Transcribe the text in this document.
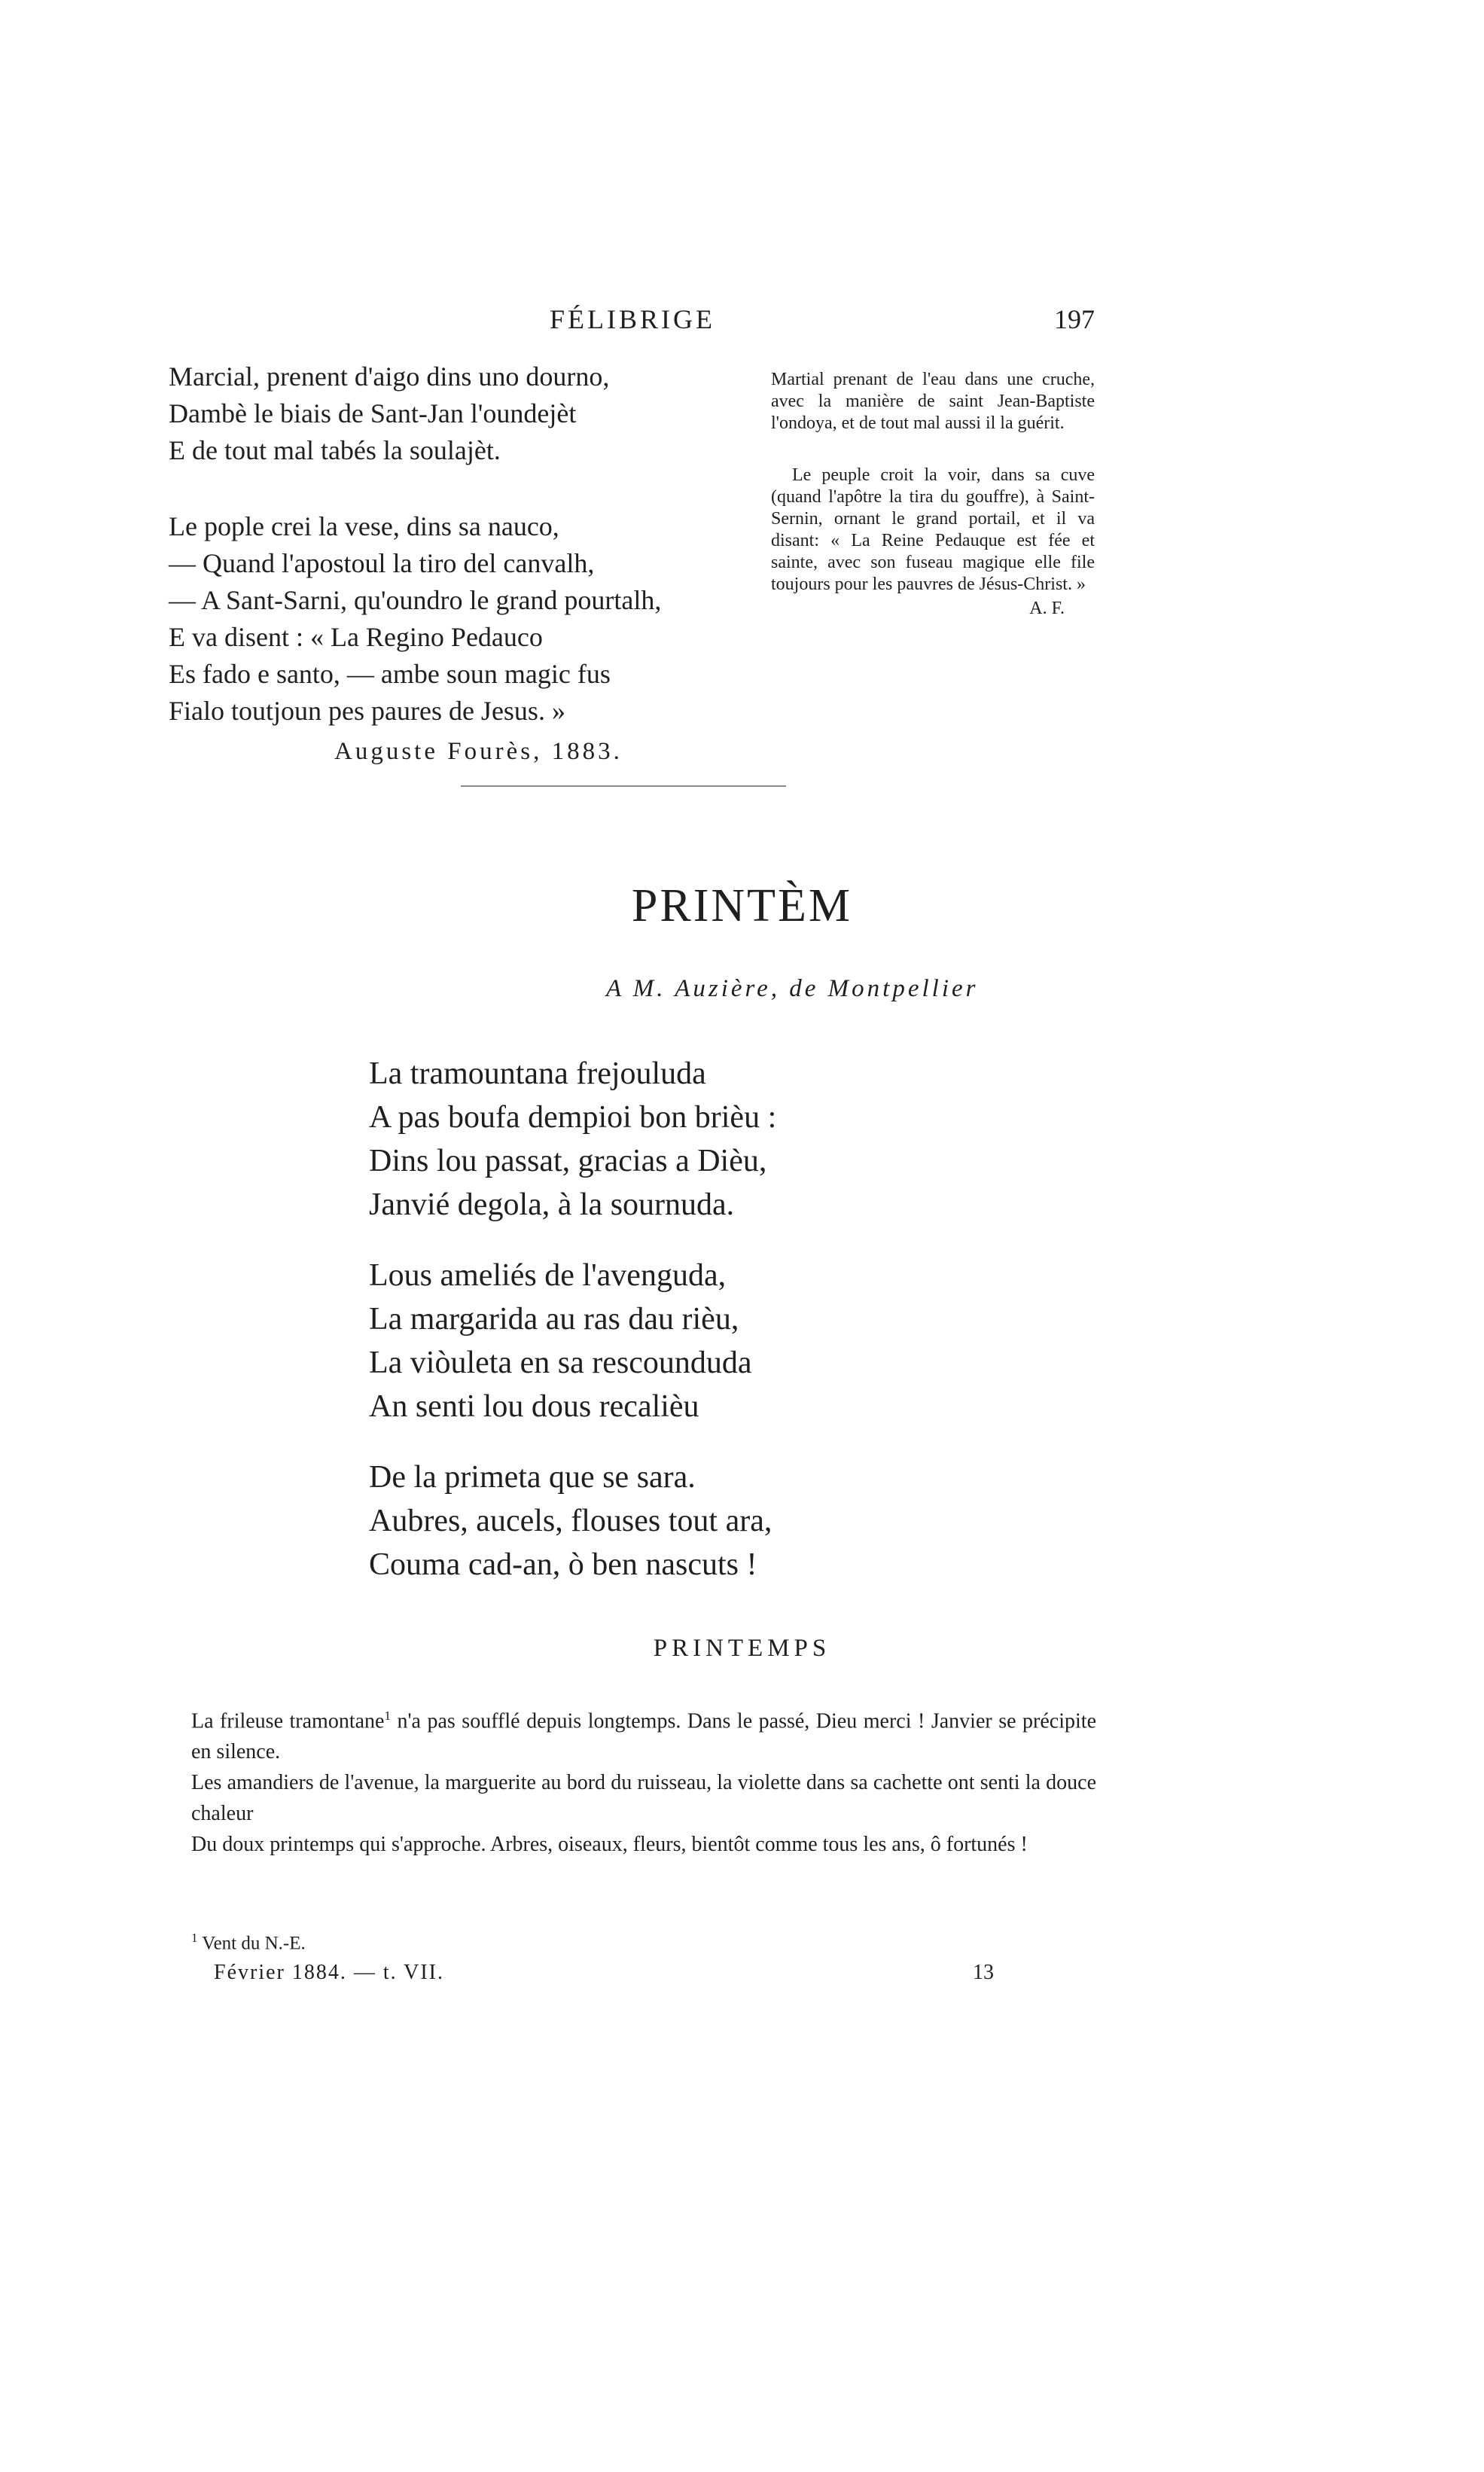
FÉLIBRIGE	197
Marcial, prenent d'aigo dins uno dourno,
Dambè le biais de Sant-Jan l'oundejèt
E de tout mal tabés la soulajèt.
Le pople crei la vese, dins sa nauco,
— Quand l'apostoul la tiro del canvalh,
— A Sant-Sarni, qu'oundro le grand pourtalh,
E va disent : « La Regino Pedauco
Es fado e santo, — ambe soun magic fus
Fialo toutjoun pes paures de Jesus. »
Auguste Fourès, 1883.
Martial prenant de l'eau dans une cruche, avec la manière de saint Jean-Baptiste l'ondoya, et de tout mal aussi il la guérit.
Le peuple croit la voir, dans sa cuve (quand l'apôtre la tira du gouffre), à Saint-Sernin, ornant le grand portail, et il va disant: « La Reine Pedauque est fée et sainte, avec son fuseau magique elle file toujours pour les pauvres de Jésus-Christ. »
A. F.
PRINTÈM
A M. Auzière, de Montpellier
La tramountana frejouluda
A pas boufa dempioi bon brièu :
Dins lou passat, gracias a Dièu,
Janvié degola, à la sournuda.
Lous ameliés de l'avenguda,
La margarida au ras dau rièu,
La viòuleta en sa rescounduda
An senti lou dous recalièu
De la primeta que se sara.
Aubres, aucels, flouses tout ara,
Couma cad-an, ò ben nascuts !
PRINTEMPS

La frileuse tramontane$^1$ n'a pas soufflé depuis longtemps. Dans le passé, Dieu merci ! Janvier se précipite en silence.

Les amandiers de l'avenue, la marguerite au bord du ruisseau, la violette dans sa cachette ont senti la douce chaleur

Du doux printemps qui s'approche. Arbres, oiseaux, fleurs, bientôt comme tous les ans, ô fortunés !

$^1$ Vent du N.-E.
Février 1884. — t. VII.	13
